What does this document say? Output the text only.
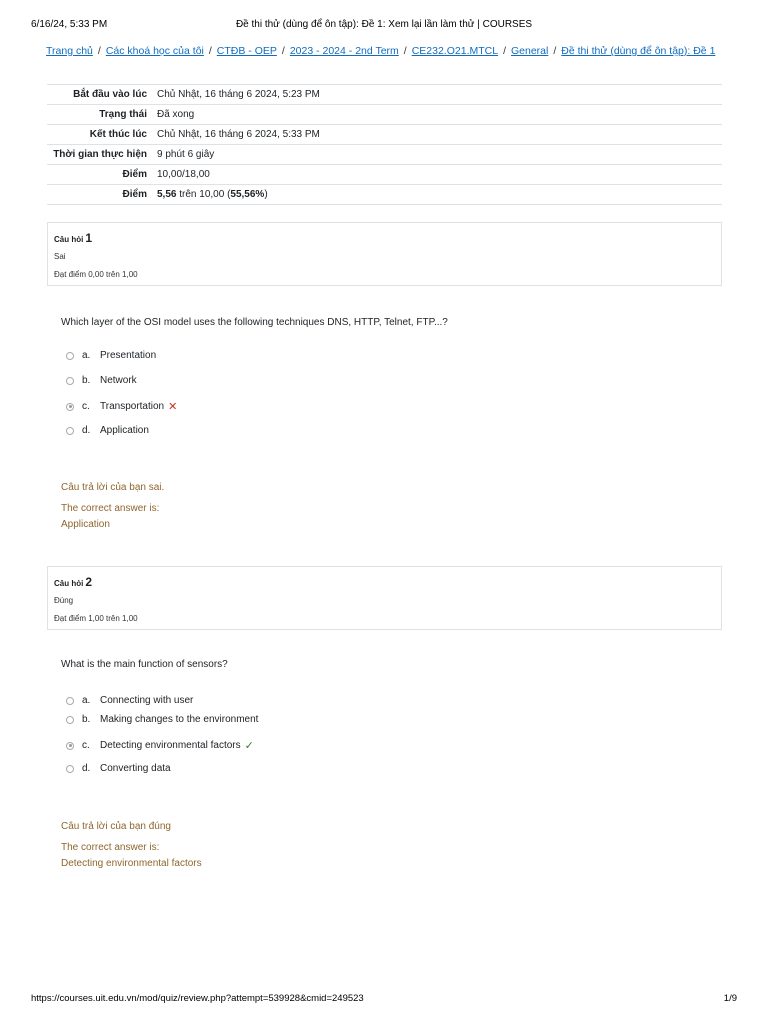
6/16/24, 5:33 PM	Đề thi thử (dùng để ôn tập): Đề 1: Xem lại lần làm thử | COURSES
Trang chủ / Các khoá học của tôi / CTĐB - OEP / 2023 - 2024 - 2nd Term / CE232.O21.MTCL / General / Đề thi thử (dùng để ôn tập): Đề 1
Bắt đầu vào lúc	Chủ Nhật, 16 tháng 6 2024, 5:23 PM
Trạng thái	Đã xong
Kết thúc lúc	Chủ Nhật, 16 tháng 6 2024, 5:33 PM
Thời gian thực hiện	9 phút 6 giây
Điểm	10,00/18,00
Điểm	5,56 trên 10,00 (55,56%)
Câu hỏi 1
Sai
Đạt điểm 0,00 trên 1,00
Which layer of the OSI model uses the following techniques DNS, HTTP, Telnet, FTP...?
a. Presentation
b. Network
c.	Transportation ✕
d. Application
Câu trả lời của bạn sai.
The correct answer is:
Application
Câu hỏi 2
Đúng
Đạt điểm 1,00 trên 1,00
What is the main function of sensors?
a. Connecting with user
b. Making changes to the environment
c.	Detecting environmental factors ✓
d. Converting data
Câu trả lời của bạn đúng
The correct answer is:
Detecting environmental factors
https://courses.uit.edu.vn/mod/quiz/review.php?attempt=539928&cmid=249523	1/9
